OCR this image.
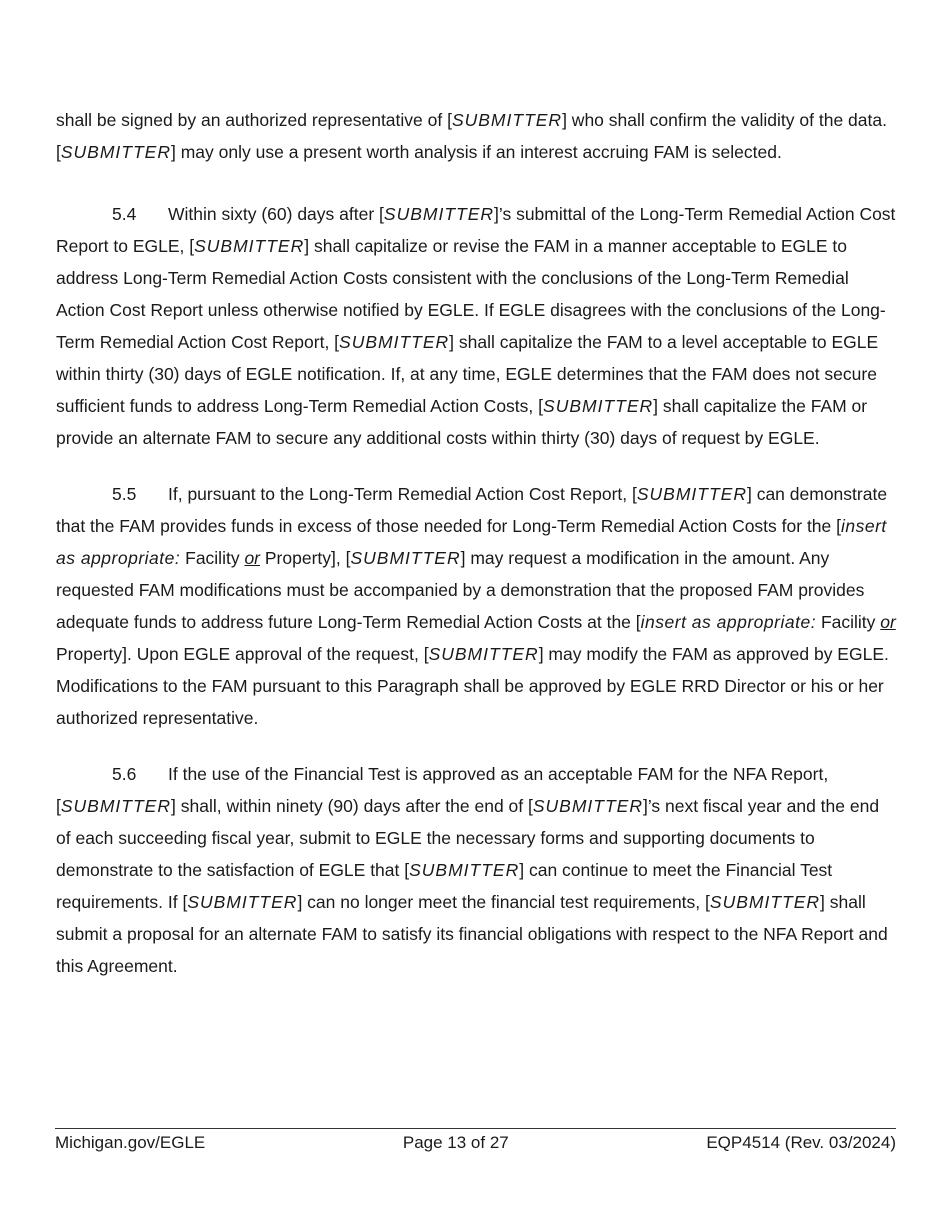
shall be signed by an authorized representative of [SUBMITTER] who shall confirm the validity of the data. [SUBMITTER] may only use a present worth analysis if an interest accruing FAM is selected.

5.4 Within sixty (60) days after [SUBMITTER]’s submittal of the Long-Term Remedial Action Cost Report to EGLE, [SUBMITTER] shall capitalize or revise the FAM in a manner acceptable to EGLE to address Long-Term Remedial Action Costs consistent with the conclusions of the Long-Term Remedial Action Cost Report unless otherwise notified by EGLE. If EGLE disagrees with the conclusions of the Long-Term Remedial Action Cost Report, [SUBMITTER] shall capitalize the FAM to a level acceptable to EGLE within thirty (30) days of EGLE notification. If, at any time, EGLE determines that the FAM does not secure sufficient funds to address Long-Term Remedial Action Costs, [SUBMITTER] shall capitalize the FAM or provide an alternate FAM to secure any additional costs within thirty (30) days of request by EGLE.

5.5 If, pursuant to the Long-Term Remedial Action Cost Report, [SUBMITTER] can demonstrate that the FAM provides funds in excess of those needed for Long-Term Remedial Action Costs for the [insert as appropriate: Facility or Property], [SUBMITTER] may request a modification in the amount. Any requested FAM modifications must be accompanied by a demonstration that the proposed FAM provides adequate funds to address future Long-Term Remedial Action Costs at the [insert as appropriate: Facility or Property]. Upon EGLE approval of the request, [SUBMITTER] may modify the FAM as approved by EGLE. Modifications to the FAM pursuant to this Paragraph shall be approved by EGLE RRD Director or his or her authorized representative.

5.6 If the use of the Financial Test is approved as an acceptable FAM for the NFA Report, [SUBMITTER] shall, within ninety (90) days after the end of [SUBMITTER]’s next fiscal year and the end of each succeeding fiscal year, submit to EGLE the necessary forms and supporting documents to demonstrate to the satisfaction of EGLE that [SUBMITTER] can continue to meet the Financial Test requirements. If [SUBMITTER] can no longer meet the financial test requirements, [SUBMITTER] shall submit a proposal for an alternate FAM to satisfy its financial obligations with respect to the NFA Report and this Agreement.

Michigan.gov/EGLE	Page 13 of 27	EQP4514 (Rev. 03/2024)
